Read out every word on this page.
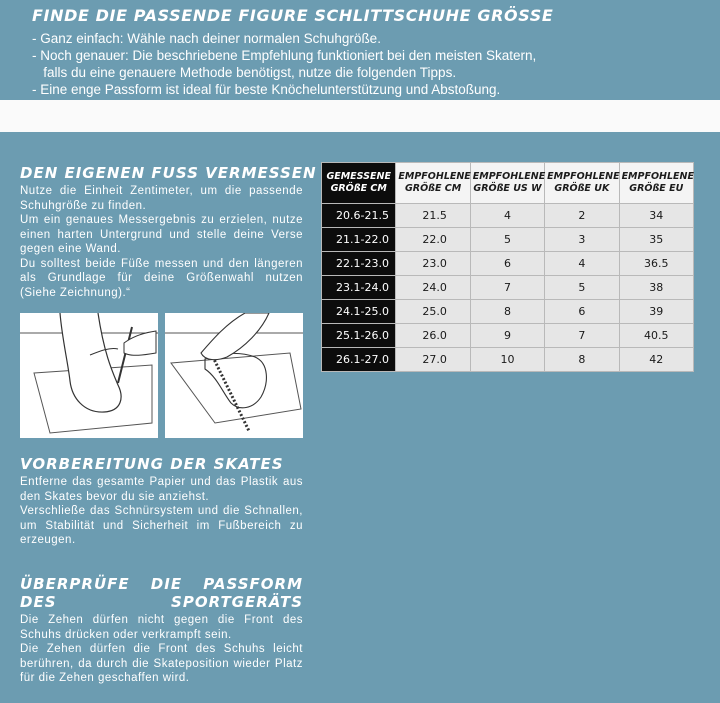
FINDE DIE PASSENDE FIGURE SCHLITTSCHUHE GRÖSSE
- Ganz einfach: Wähle nach deiner normalen Schuhgröße.
- Noch genauer: Die beschriebene Empfehlung funktioniert bei den meisten Skatern,
falls du eine genauere Methode benötigst, nutze die folgenden Tipps.
- Eine enge Passform ist ideal für beste Knöchelunterstützung und Abstoßung.
DEN EIGENEN FUSS VERMESSEN

Nutze die Einheit Zentimeter, um die passende Schuhgröße zu finden.

Um ein genaues Messergebnis zu erzielen, nutze einen harten Untergrund und stelle deine Verse gegen eine Wand.

Du solltest beide Füße messen und den längeren als Grundlage für deine Größenwahl nutzen (Siehe Zeichnung).“

GEMESSENE GRÖßE CM	EMPFOHLENE GRÖßE CM	EMPFOHLENE GRÖßE US W	EMPFOHLENE GRÖßE UK	EMPFOHLENE GRÖßE EU
20.6-21.5	21.5	4	2	34
21.1-22.0	22.0	5	3	35
22.1-23.0	23.0	6	4	36.5
23.1-24.0	24.0	7	5	38
24.1-25.0	25.0	8	6	39
25.1-26.0	26.0	9	7	40.5
26.1-27.0	27.0	10	8	42
VORBEREITUNG DER SKATES

Entferne das gesamte Papier und das Plastik aus den Skates bevor du sie anziehst.

Verschließe das Schnürsystem und die Schnallen, um Stabilität und Sicherheit im Fußbereich zu erzeugen.

ÜBERPRÜFE DIE PASSFORM DES SPORTGERÄTS

Die Zehen dürfen nicht gegen die Front des Schuhs drücken oder verkrampft sein.

Die Zehen dürfen die Front des Schuhs leicht berühren, da durch die Skateposition wieder Platz für die Zehen geschaffen wird.
